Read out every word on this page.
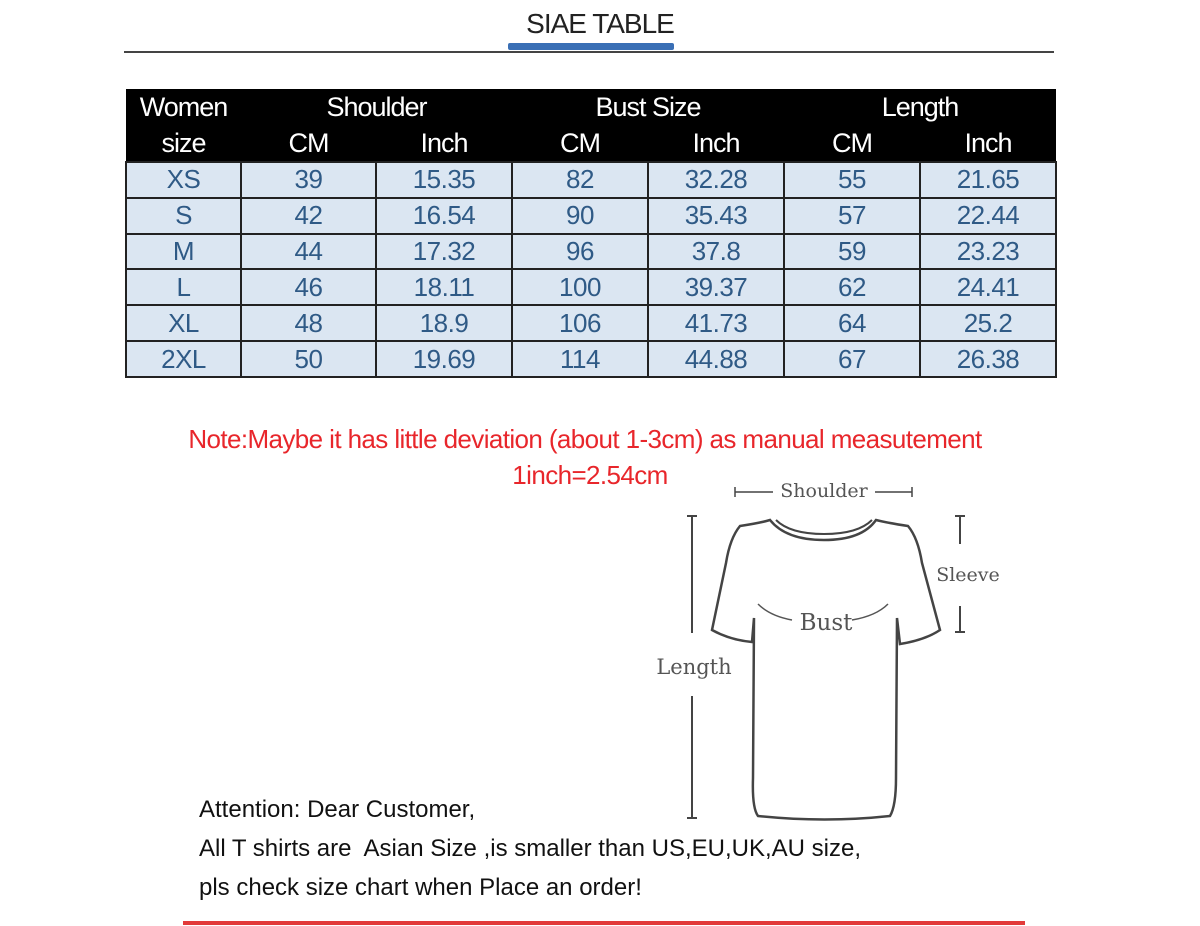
SIAE TABLE
Women	Shoulder		Bust Size		Length	
size	CM	Inch	CM	Inch	CM	Inch
XS	39	15.35	82	32.28	55	21.65
S	42	16.54	90	35.43	57	22.44
M	44	17.32	96	37.8	59	23.23
L	46	18.11	100	39.37	62	24.41
XL	48	18.9	106	41.73	64	25.2
2XL	50	19.69	114	44.88	67	26.38
Note:Maybe it has little deviation (about 1-3cm) as manual measutement
1inch=2.54cm
Shoulder
Length
Bust
Sleeve
Attention: Dear Customer,
All T shirts are  Asian Size ,is smaller than US,EU,UK,AU size,
pls check size chart when Place an order!
